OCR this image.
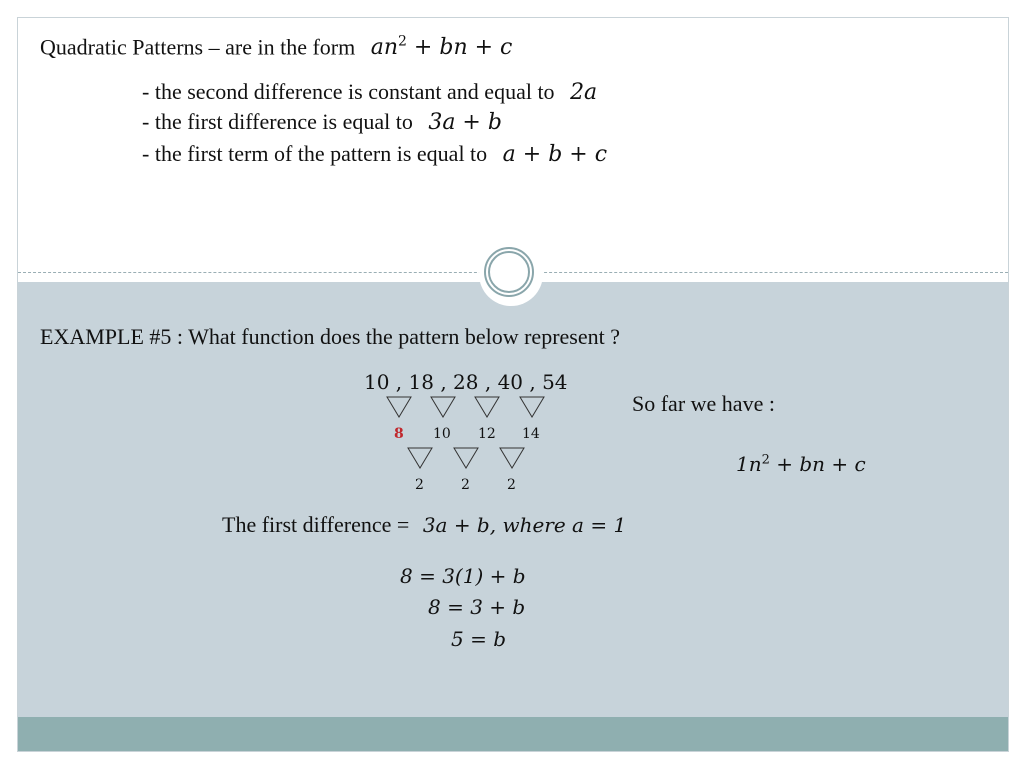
Quadratic Patterns – are in the form $an^2$ + bn + c
- the second difference is constant and equal to 2a
- the first difference is equal to 3a + b
- the first term of the pattern is equal to a + b + c
EXAMPLE #5 : What function does the pattern below represent ?
10 , 18 , 28 , 40 , 54
8 10 12 14
2	2	2
So far we have :
$1n^2$ + bn + c
The first difference = 3a + b, where a = 1
8 = 3(1) + b
8 = 3 + b
5 = b
